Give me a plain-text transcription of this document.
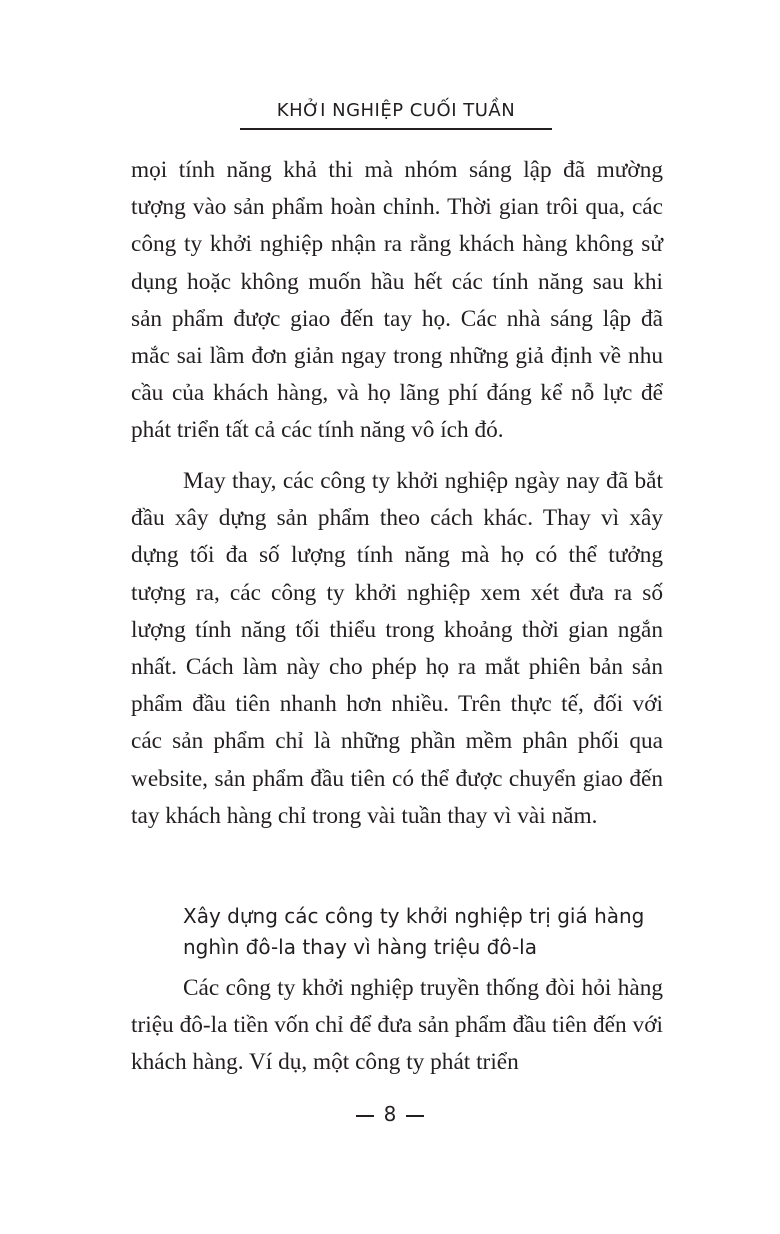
KHỞI NGHIỆP CUỐI TUẦN

mọi tính năng khả thi mà nhóm sáng lập đã mường tượng vào sản phẩm hoàn chỉnh. Thời gian trôi qua, các công ty khởi nghiệp nhận ra rằng khách hàng không sử dụng hoặc không muốn hầu hết các tính năng sau khi sản phẩm được giao đến tay họ. Các nhà sáng lập đã mắc sai lầm đơn giản ngay trong những giả định về nhu cầu của khách hàng, và họ lãng phí đáng kể nỗ lực để phát triển tất cả các tính năng vô ích đó.

May thay, các công ty khởi nghiệp ngày nay đã bắt đầu xây dựng sản phẩm theo cách khác. Thay vì xây dựng tối đa số lượng tính năng mà họ có thể tưởng tượng ra, các công ty khởi nghiệp xem xét đưa ra số lượng tính năng tối thiểu trong khoảng thời gian ngắn nhất. Cách làm này cho phép họ ra mắt phiên bản sản phẩm đầu tiên nhanh hơn nhiều. Trên thực tế, đối với các sản phẩm chỉ là những phần mềm phân phối qua website, sản phẩm đầu tiên có thể được chuyển giao đến tay khách hàng chỉ trong vài tuần thay vì vài năm.

Xây dựng các công ty khởi nghiệp trị giá hàng nghìn đô-la thay vì hàng triệu đô-la

Các công ty khởi nghiệp truyền thống đòi hỏi hàng triệu đô-la tiền vốn chỉ để đưa sản phẩm đầu tiên đến với khách hàng. Ví dụ, một công ty phát triển

8
